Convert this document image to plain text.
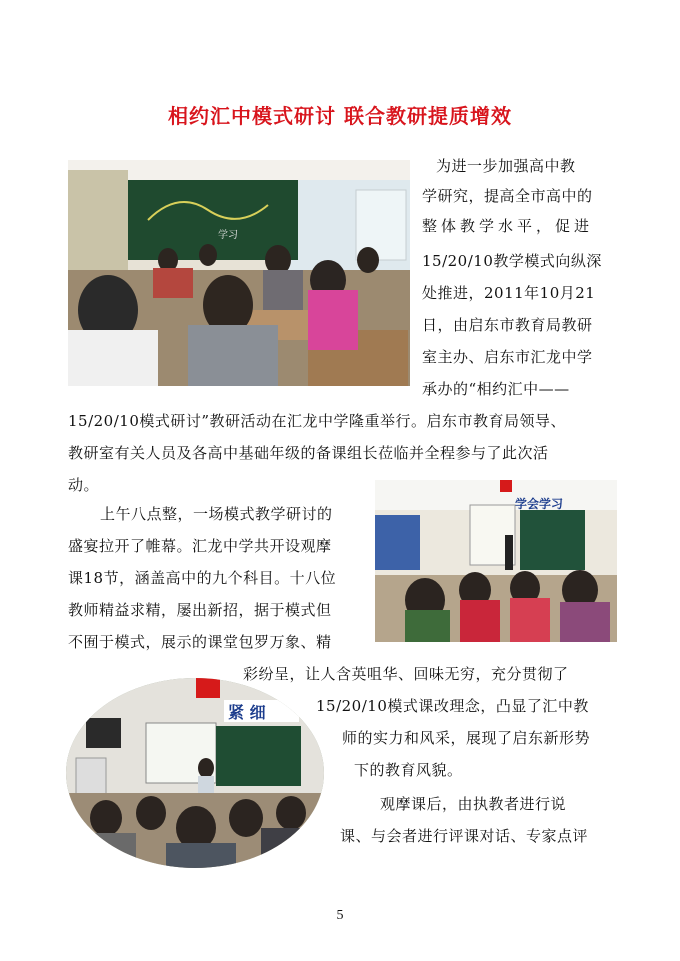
相约汇中模式研讨 联合教研提质增效
学习
为进一步加强高中教
学研究，提高全市高中的
整体教学水平，促进
15/20/10教学模式向纵深
处推进，2011年10月21
日，由启东市教育局教研
室主办、启东市汇龙中学
承办的“相约汇中——
15/20/10模式研讨”教研活动在汇龙中学隆重举行。启东市教育局领导、
教研室有关人员及各高中基础年级的备课组长莅临并全程参与了此次活
动。
学会学习
上午八点整，一场模式教学研讨的
盛宴拉开了帷幕。汇龙中学共开设观摩
课18节，涵盖高中的九个科目。十八位
教师精益求精，屡出新招，据于模式但
不囿于模式，展示的课堂包罗万象、精
彩纷呈，让人含英咀华、回味无穷，充分贯彻了
15/20/10模式课改理念，凸显了汇中教
师的实力和风采，展现了启东新形势
下的教育风貌。
紧 细
观摩课后，由执教者进行说
课、与会者进行评课对话、专家点评
5
